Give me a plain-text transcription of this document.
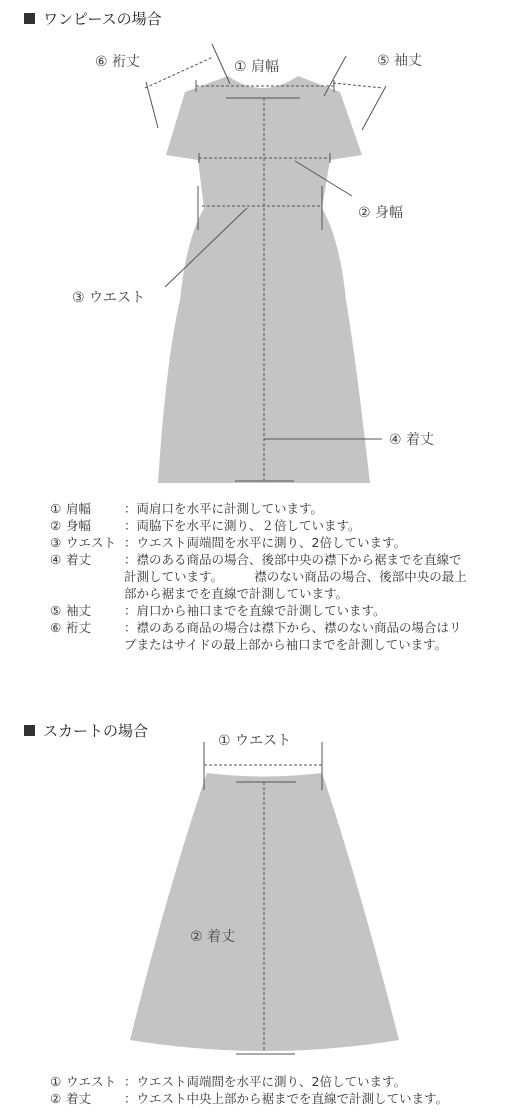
ワンピースの場合
⑥ 裄丈	① 肩幅	⑤ 袖丈
② 身幅
③ ウエスト
④ 着丈
① 肩幅	：両肩口を水平に計測しています。
② 身幅	：両脇下を水平に測り、２倍しています。
③ ウエスト ：ウエスト両端間を水平に測り、2倍しています。
④ 着丈	：襟のある商品の場合、後部中央の襟下から裾までを直線で計測しています。　　　襟のない商品の場合、後部中央の最上部から裾までを直線で計測しています。
⑤ 袖丈	：肩口から袖口までを直線で計測しています。
⑥ 裄丈	：襟のある商品の場合は襟下から、襟のない商品の場合はリブまたはサイドの最上部から袖口までを計測しています。
スカートの場合
① ウエスト
② 着丈
① ウエスト ：ウエスト両端間を水平に測り、2倍しています。
② 着丈	：ウエスト中央上部から裾までを直線で計測しています。
